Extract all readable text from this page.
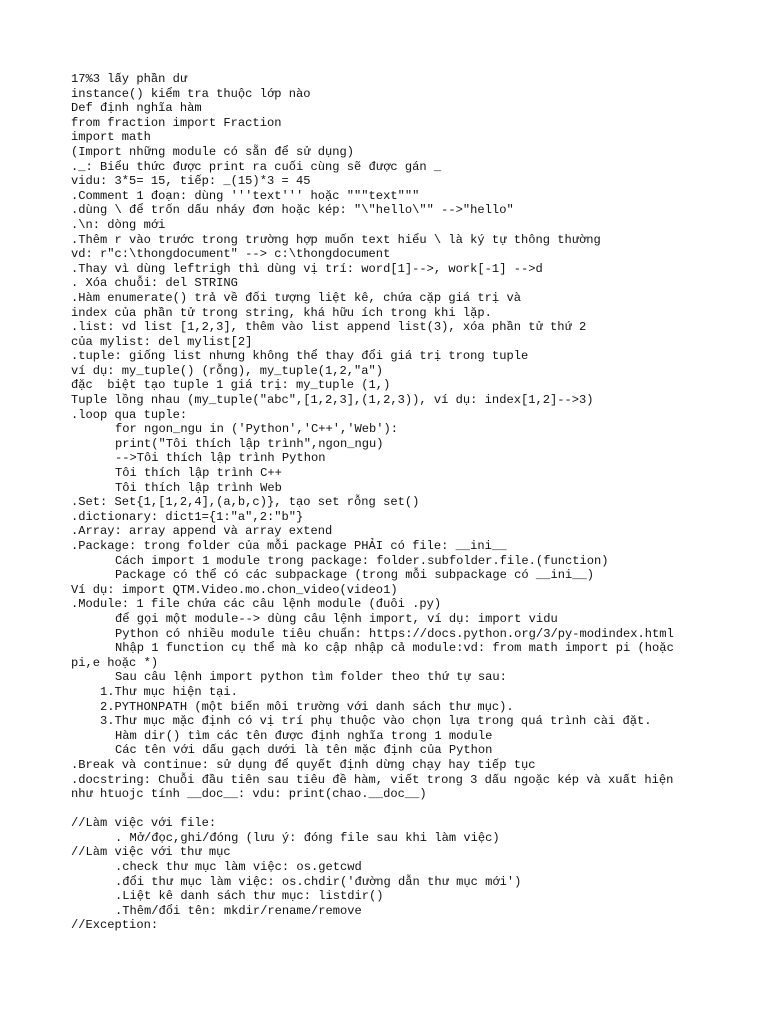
17%3 lấy phần dư
instance() kiểm tra thuộc lớp nào
Def định nghĩa hàm
from fraction import Fraction
import math
(Import những module có sẵn để sử dụng)
._: Biểu thức được print ra cuối cùng sẽ được gán _
vidu: 3*5= 15, tiếp: _(15)*3 = 45
.Comment 1 đoạn: dùng '''text''' hoặc """text"""
.dùng \ để trốn dấu nháy đơn hoặc kép: "\"hello\"" -->"hello"
.\n: dòng mới
.Thêm r vào trước trong trường hợp muốn text hiểu \ là ký tự thông thường
vd: r"c:\thongdocument" --> c:\thongdocument
.Thay vì dùng leftrigh thì dùng vị trí: word[1]-->, work[-1] -->d
. Xóa chuỗi: del STRING
.Hàm enumerate() trả về đối tượng liệt kê, chứa cặp giá trị và
index của phần tử trong string, khá hữu ích trong khi lặp.
.list: vd list [1,2,3], thêm vào list append list(3), xóa phần tử thứ 2
của mylist: del mylist[2]
.tuple: giống list nhưng không thể thay đổi giá trị trong tuple
ví dụ: my_tuple() (rỗng), my_tuple(1,2,"a")
đặc  biệt tạo tuple 1 giá trị: my_tuple (1,)
Tuple lồng nhau (my_tuple("abc",[1,2,3],(1,2,3)), ví dụ: index[1,2]-->3)
.loop qua tuple:
for ngon_ngu in ('Python','C++','Web'):
print("Tôi thích lập trình",ngon_ngu)
-->Tôi thích lập trình Python
Tôi thích lập trình C++
Tôi thích lập trình Web
.Set: Set{1,[1,2,4],(a,b,c)}, tạo set rỗng set()
.dictionary: dict1={1:"a",2:"b"}
.Array: array append và array extend
.Package: trong folder của mỗi package PHẢI có file: __ini__
Cách import 1 module trong package: folder.subfolder.file.(function)
Package có thể có các subpackage (trong mỗi subpackage có __ini__)
Ví dụ: import QTM.Video.mo.chon_video(video1)
.Module: 1 file chứa các câu lệnh module (đuôi .py)
để gọi một module--> dùng câu lệnh import, ví dụ: import vidu
Python có nhiều module tiêu chuẩn: https://docs.python.org/3/py-modindex.html
Nhập 1 function cụ thể mà ko cập nhập cả module:vd: from math import pi (hoặc
pi,e hoặc *)
Sau câu lệnh import python tìm folder theo thứ tự sau:
1.Thư mục hiện tại.
2.PYTHONPATH (một biến môi trường với danh sách thư mục).
3.Thư mục mặc định có vị trí phụ thuộc vào chọn lựa trong quá trình cài đặt.
Hàm dir() tìm các tên được định nghĩa trong 1 module
Các tên với dấu gạch dưới là tên mặc định của Python
.Break và continue: sử dụng để quyết định dừng chạy hay tiếp tục
.docstring: Chuỗi đầu tiên sau tiêu đề hàm, viết trong 3 dấu ngoặc kép và xuất hiện
như htuojc tính __doc__: vdu: print(chao.__doc__)
//Làm việc với file:
. Mở/đọc,ghi/đóng (lưu ý: đóng file sau khi làm việc)
//Làm việc với thư mục
.check thư mục làm việc: os.getcwd
.đổi thư mục làm việc: os.chdir('đường dẫn thư mục mới')
.Liệt kê danh sách thư mục: listdir()
.Thêm/đổi tên: mkdir/rename/remove
//Exception:
